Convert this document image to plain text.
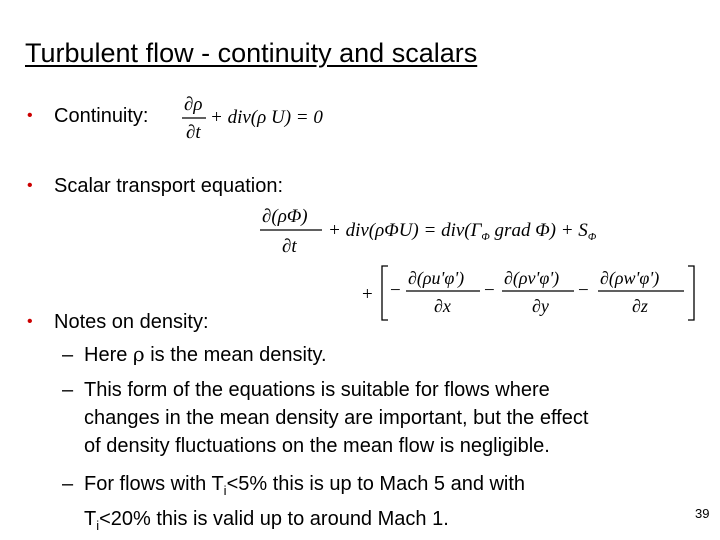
Turbulent flow - continuity and scalars
• Continuity:
∂ρ
∂t
+ div(ρ U) = 0
• Scalar transport equation:
∂(ρΦ)
∂t
+ $div(\rho\Phi U) = div(\Gamma_\Phi$ grad $\Phi) + S_\Phi$
+ −
∂(ρu'φ')
∂x
−
∂(ρv'φ')
∂y
−
∂(ρw'φ')
∂z
• Notes on density:
– Here ρ is the mean density.
– This form of the equations is suitable for flows where
changes in the mean density are important, but the effect
of density fluctuations on the mean flow is negligible.
– For flows with $T_i<5\%$ this is up to Mach 5 and with
$T_i<20\%$ this is valid up to around Mach 1.	39
